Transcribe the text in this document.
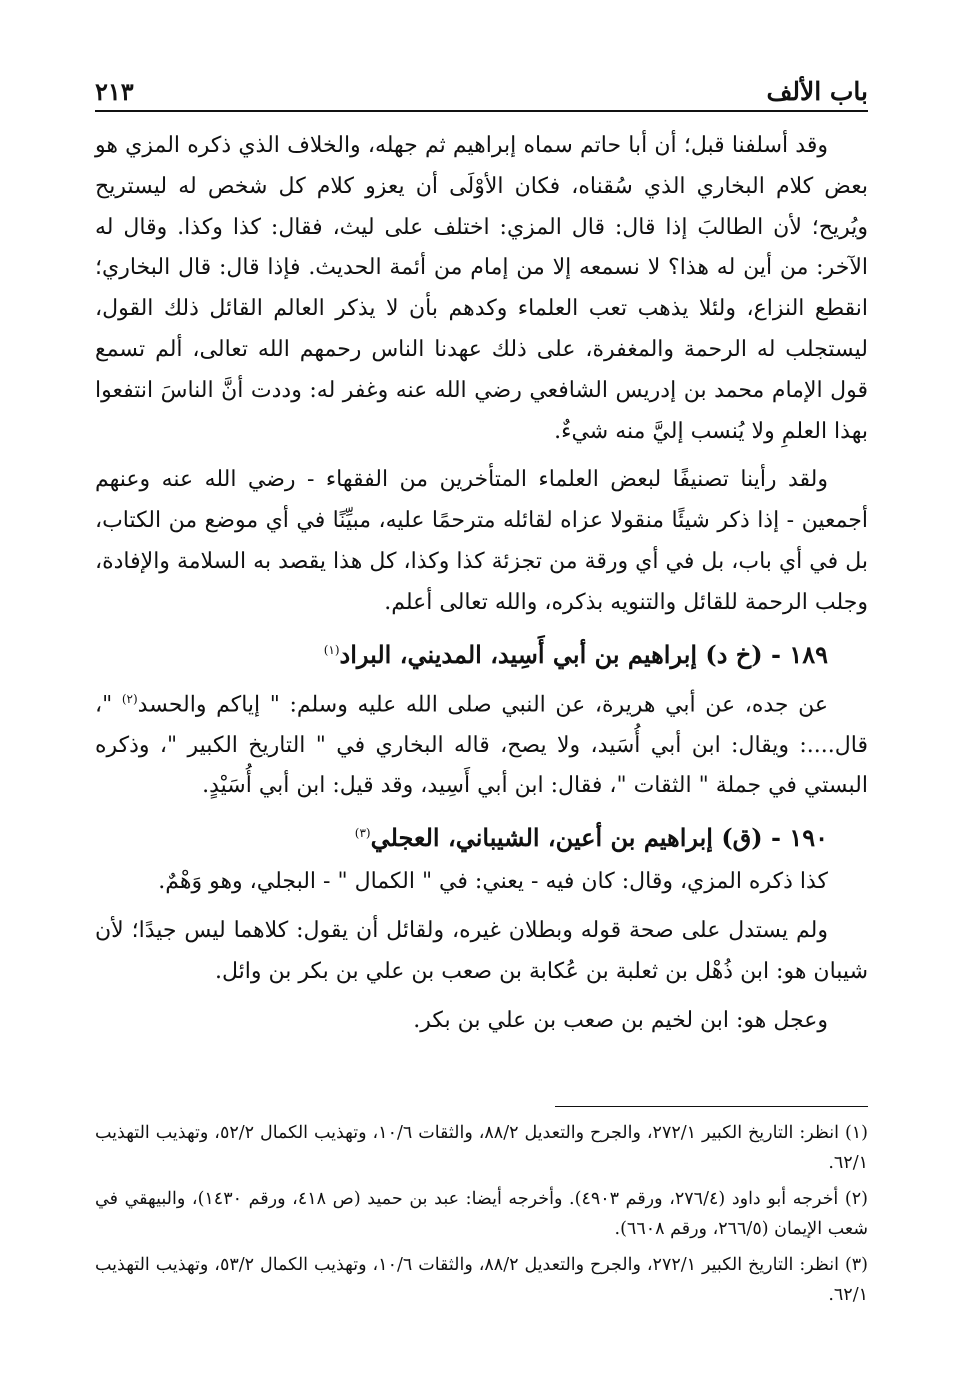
باب الألف
٢١٣

وقد أسلفنا قبل؛ أن أبا حاتم سماه إبراهيم ثم جهله، والخلاف الذي ذكره المزي هو بعض كلام البخاري الذي سُقناه، فكان الأوْلَى أن يعزو كلام كل شخص له ليستريح ويُريح؛ لأن الطالبَ إذا قال: قال المزي: اختلف على ليث، فقال: كذا وكذا. وقال له الآخر: من أين له هذا؟ لا نسمعه إلا من إمام من أئمة الحديث. فإذا قال: قال البخاري؛ انقطع النزاع، ولئلا يذهب تعب العلماء وكدهم بأن لا يذكر العالم القائل ذلك القول، ليستجلب له الرحمة والمغفرة، على ذلك عهدنا الناس رحمهم الله تعالى، ألم تسمع قول الإمام محمد بن إدريس الشافعي رضي الله عنه وغفر له: وددت أنَّ الناسَ انتفعوا بهذا العلمِ ولا يُنسب إليَّ منه شيءٌ.

ولقد رأينا تصنيفًا لبعض العلماء المتأخرين من الفقهاء - رضي الله عنه وعنهم أجمعين - إذا ذكر شيئًا منقولا عزاه لقائله مترحمًا عليه، مبيِّنًا في أي موضع من الكتاب، بل في أي باب، بل في أي ورقة من تجزئة كذا وكذا، كل هذا يقصد به السلامة والإفادة، وجلب الرحمة للقائل والتنويه بذكره، والله تعالى أعلم.

١٨٩ - (خ د) إبراهيم بن أبي أَسِيد، المديني، البراد$^{(١)}$

عن جده، عن أبي هريرة، عن النبي صلى الله عليه وسلم: " إياكم والحسد$^{(٢)}$ "، قال....: ويقال: ابن أبي أُسَيد، ولا يصح، قاله البخاري في " التاريخ الكبير "، وذكره البستي في جملة " الثقات "، فقال: ابن أبي أَسِيد، وقد قيل: ابن أبي أُسَيْدٍ.

١٩٠ - (ق) إبراهيم بن أعين، الشيباني، العجلي$^{(٣)}$

كذا ذكره المزي، وقال: كان فيه - يعني: في " الكمال " - البجلي، وهو وَهْمٌ.

ولم يستدل على صحة قوله وبطلان غيره، ولقائل أن يقول: كلاهما ليس جيدًا؛ لأن شيبان هو: ابن ذُهْل بن ثعلبة بن عُكابة بن صعب بن علي بن بكر بن وائل.

وعجل هو: ابن لخيم بن صعب بن علي بن بكر.

(١) انظر: التاريخ الكبير ٢٧٢/١، والجرح والتعديل ٨٨/٢، والثقات ١٠/٦، وتهذيب الكمال ٥٢/٢، وتهذيب التهذيب ٦٢/١.

(٢) أخرجه أبو داود (٢٧٦/٤، ورقم ٤٩٠٣). وأخرجه أيضا: عبد بن حميد (ص ٤١٨، ورقم ١٤٣٠)، والبيهقي في شعب الإيمان (٢٦٦/٥، ورقم ٦٦٠٨).

(٣) انظر: التاريخ الكبير ٢٧٢/١، والجرح والتعديل ٨٨/٢، والثقات ١٠/٦، وتهذيب الكمال ٥٣/٢، وتهذيب التهذيب ٦٢/١.
